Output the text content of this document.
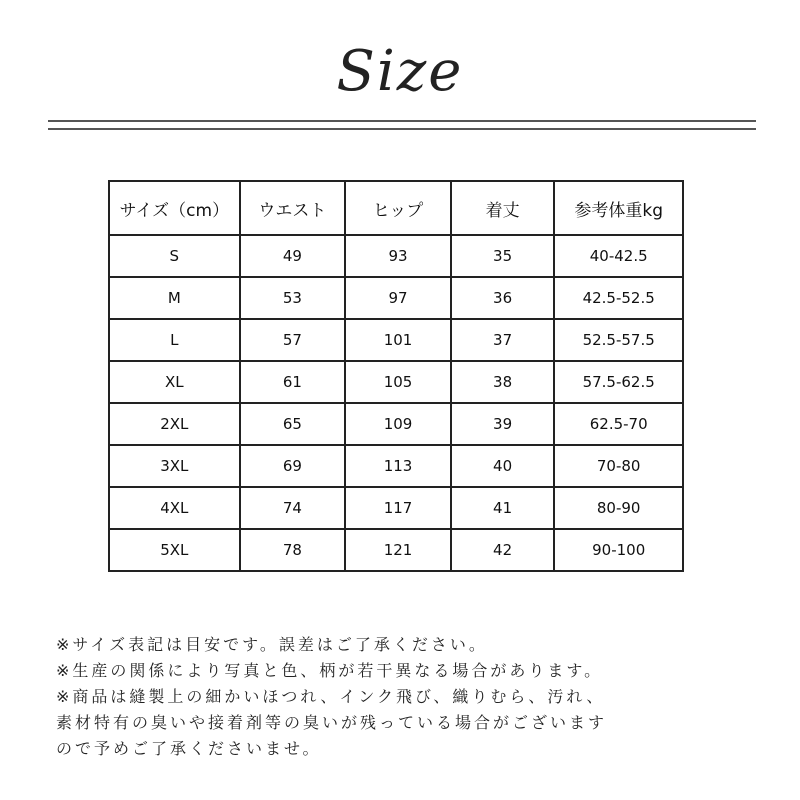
Size
サイズ（cm）	ウエスト	ヒップ	着丈	参考体重kg
S	49	93	35	40-42.5
M	53	97	36	42.5-52.5
L	57	101	37	52.5-57.5
XL	61	105	38	57.5-62.5
2XL	65	109	39	62.5-70
3XL	69	113	40	70-80
4XL	74	117	41	80-90
5XL	78	121	42	90-100

※サイズ表記は目安です。誤差はご了承ください。

※生産の関係により写真と色、柄が若干異なる場合があります。

※商品は縫製上の細かいほつれ、インク飛び、織りむら、汚れ、

素材特有の臭いや接着剤等の臭いが残っている場合がございます

ので予めご了承くださいませ。
